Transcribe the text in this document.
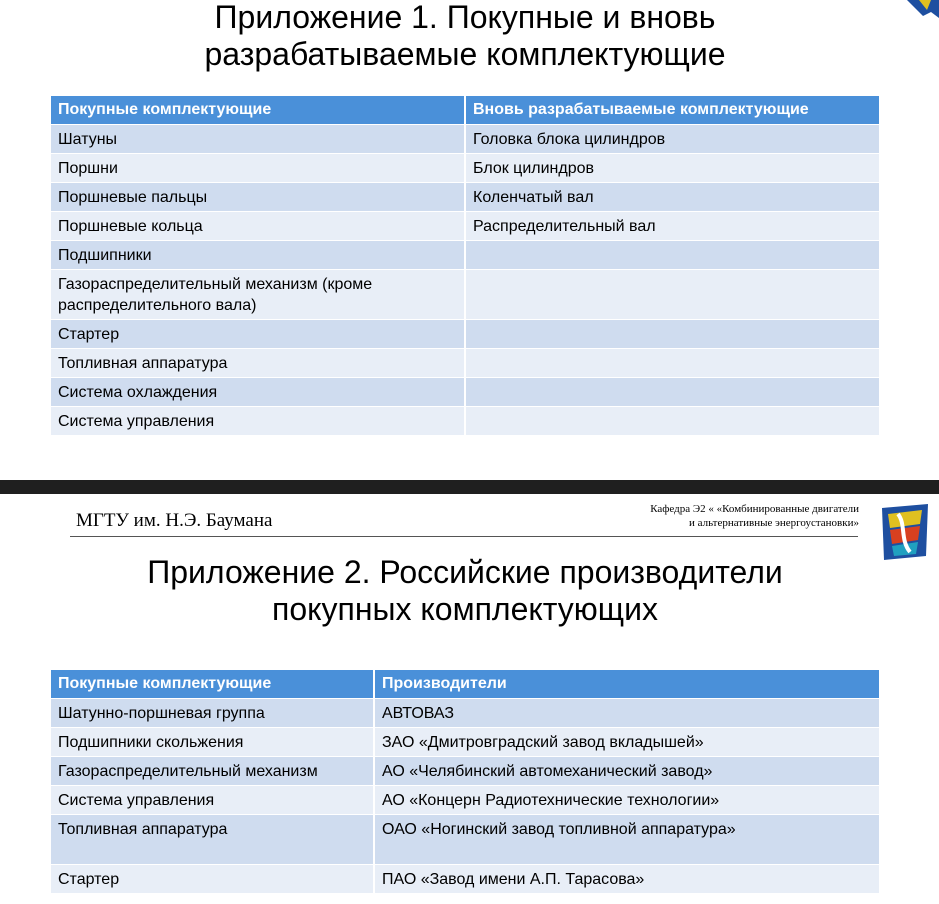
Приложение 1. Покупные и вновь
разрабатываемые комплектующие
Покупные комплектующие	Вновь разрабатываемые комплектующие
Шатуны	Головка блока цилиндров
Поршни	Блок цилиндров
Поршневые пальцы	Коленчатый вал
Поршневые кольца	Распределительный вал
Подшипники	
Газораспределительный механизм (кроме распределительного вала)	
Стартер	
Топливная аппаратура	
Система охлаждения	
Система управления	
МГТУ им. Н.Э. Баумана
Кафедра Э2 « «Комбинированные двигатели
и альтернативные энергоустановки»
Приложение 2. Российские производители
покупных комплектующих
Покупные комплектующие	Производители
Шатунно-поршневая группа	АВТОВАЗ
Подшипники скольжения	ЗАО «Дмитровградский завод вкладышей»
Газораспределительный механизм	АО «Челябинский автомеханический завод»
Система управления	АО «Концерн Радиотехнические технологии»
Топливная аппаратура	ОАО «Ногинский завод топливной аппаратура»
Стартер	ПАО «Завод имени А.П. Тарасова»
